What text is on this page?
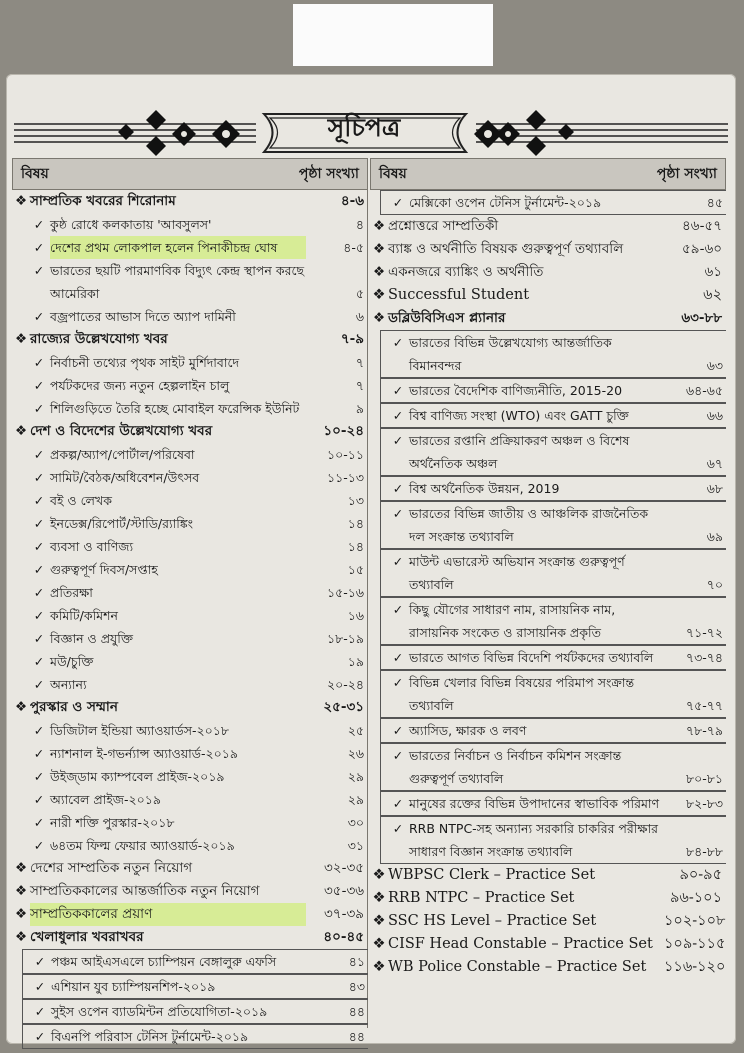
সূচিপত্র
বিষয়	পৃষ্ঠা সংখ্যা
❖ সাম্প্রতিক খবরের শিরোনাম	৪-৬
✓ কুষ্ঠ রোধে কলকাতায় 'আবসুলস'	৪
✓ দেশের প্রথম লোকপাল হলেন পিনাকীচন্দ্র ঘোষ	৪-৫
✓ ভারতের ছয়টি পারমাণবিক বিদ্যুৎ কেন্দ্র স্থাপন করছে আমেরিকা	৫
✓ বজ্রপাতের আভাস দিতে অ্যাপ দামিনী	৬
❖ রাজ্যের উল্লেখযোগ্য খবর	৭-৯
✓ নির্বাচনী তথ্যের পৃথক সাইট মুর্শিদাবাদে	৭
✓ পর্যটকদের জন্য নতুন হেল্পলাইন চালু	৭
✓ শিলিগুড়িতে তৈরি হচ্ছে মোবাইল ফরেন্সিক ইউনিট	৯
❖ দেশ ও বিদেশের উল্লেখযোগ্য খবর	১০-২৪
✓ প্রকল্প/অ্যাপ/পোর্টাল/পরিষেবা	১০-১১
✓ সামিট/বৈঠক/অধিবেশন/উৎসব	১১-১৩
✓ বই ও লেখক	১৩
✓ ইনডেক্স/রিপোর্ট/স্টাডি/র‍্যাঙ্কিং	১৪
✓ ব্যবসা ও বাণিজ্য	১৪
✓ গুরুত্বপূর্ণ দিবস/সপ্তাহ	১৫
✓ প্রতিরক্ষা	১৫-১৬
✓ কমিটি/কমিশন	১৬
✓ বিজ্ঞান ও প্রযুক্তি	১৮-১৯
✓ মউ/চুক্তি	১৯
✓ অন্যান্য	২০-২৪
❖ পুরস্কার ও সম্মান	২৫-৩১
✓ ডিজিটাল ইন্ডিয়া অ্যাওয়ার্ডস-২০১৮	২৫
✓ ন্যাশনাল ই-গভর্ন্যান্স অ্যাওয়ার্ড-২০১৯	২৬
✓ উইজ্ডাম ক্যাম্পবেল প্রাইজ-২০১৯	২৯
✓ অ্যাবেল প্রাইজ-২০১৯	২৯
✓ নারী শক্তি পুরস্কার-২০১৮	৩০
✓ ৬৪তম ফিল্ম ফেয়ার অ্যাওয়ার্ড-২০১৯	৩১
❖ দেশের সাম্প্রতিক নতুন নিয়োগ	৩২-৩৫
❖ সাম্প্রতিককালের আন্তর্জাতিক নতুন নিয়োগ	৩৫-৩৬
❖ সাম্প্রতিককালের প্রয়াণ	৩৭-৩৯
❖ খেলাধুলার খবরাখবর	৪০-৪৫
✓ পঞ্চম আইএসএলে চ্যাম্পিয়ন বেঙ্গালুরু এফসি	৪১
✓ এশিয়ান যুব চ্যাম্পিয়নশিপ-২০১৯	৪৩
✓ সুইস ওপেন ব্যাডমিন্টন প্রতিযোগিতা-২০১৯	৪৪
✓ বিএনপি পরিবাস টেনিস টুর্নামেন্ট-২০১৯	৪৪
বিষয়	পৃষ্ঠা সংখ্যা
✓ মেক্সিকো ওপেন টেনিস টুর্নামেন্ট-২০১৯	৪৫
❖ প্রশ্নোত্তরে সাম্প্রতিকী	৪৬-৫৭
❖ ব্যাঙ্ক ও অর্থনীতি বিষয়ক গুরুত্বপূর্ণ তথ্যাবলি	৫৯-৬০
❖ একনজরে ব্যাঙ্কিং ও অর্থনীতি	৬১
❖ Successful Student	৬২
❖ ডব্লিউবিসিএস প্ল্যানার	৬৩-৮৮
✓ ভারতের বিভিন্ন উল্লেখযোগ্য আন্তর্জাতিক বিমানবন্দর	৬৩
✓ ভারতের বৈদেশিক বাণিজ্যনীতি, 2015-20	৬৪-৬৫
✓ বিশ্ব বাণিজ্য সংস্থা (WTO) এবং GATT চুক্তি	৬৬
✓ ভারতের রপ্তানি প্রক্রিয়াকরণ অঞ্চল ও বিশেষ অর্থনৈতিক অঞ্চল	৬৭
✓ বিশ্ব অর্থনৈতিক উন্নয়ন, 2019	৬৮
✓ ভারতের বিভিন্ন জাতীয় ও আঞ্চলিক রাজনৈতিক দল সংক্রান্ত তথ্যাবলি	৬৯
✓ মাউন্ট এভারেস্ট অভিযান সংক্রান্ত গুরুত্বপূর্ণ তথ্যাবলি	৭০
✓ কিছু যৌগের সাধারণ নাম, রাসায়নিক নাম, রাসায়নিক সংকেত ও রাসায়নিক প্রকৃতি	৭১-৭২
✓ ভারতে আগত বিভিন্ন বিদেশি পর্যটকদের তথ্যাবলি	৭৩-৭৪
✓ বিভিন্ন খেলার বিভিন্ন বিষয়ের পরিমাপ সংক্রান্ত তথ্যাবলি	৭৫-৭৭
✓ অ্যাসিড, ক্ষারক ও লবণ	৭৮-৭৯
✓ ভারতের নির্বাচন ও নির্বাচন কমিশন সংক্রান্ত গুরুত্বপূর্ণ তথ্যাবলি	৮০-৮১
✓ মানুষের রক্তের বিভিন্ন উপাদানের স্বাভাবিক পরিমাণ	৮২-৮৩
✓ RRB NTPC-সহ অন্যান্য সরকারি চাকরির পরীক্ষার সাধারণ বিজ্ঞান সংক্রান্ত তথ্যাবলি	৮৪-৮৮
❖ WBPSC Clerk – Practice Set	৯০-৯৫
❖ RRB NTPC – Practice Set	৯৬-১০১
❖ SSC HS Level – Practice Set	১০২-১০৮
❖ CISF Head Constable – Practice Set ১০৯-১১৫
❖ WB Police Constable – Practice Set	১১৬-১২০
